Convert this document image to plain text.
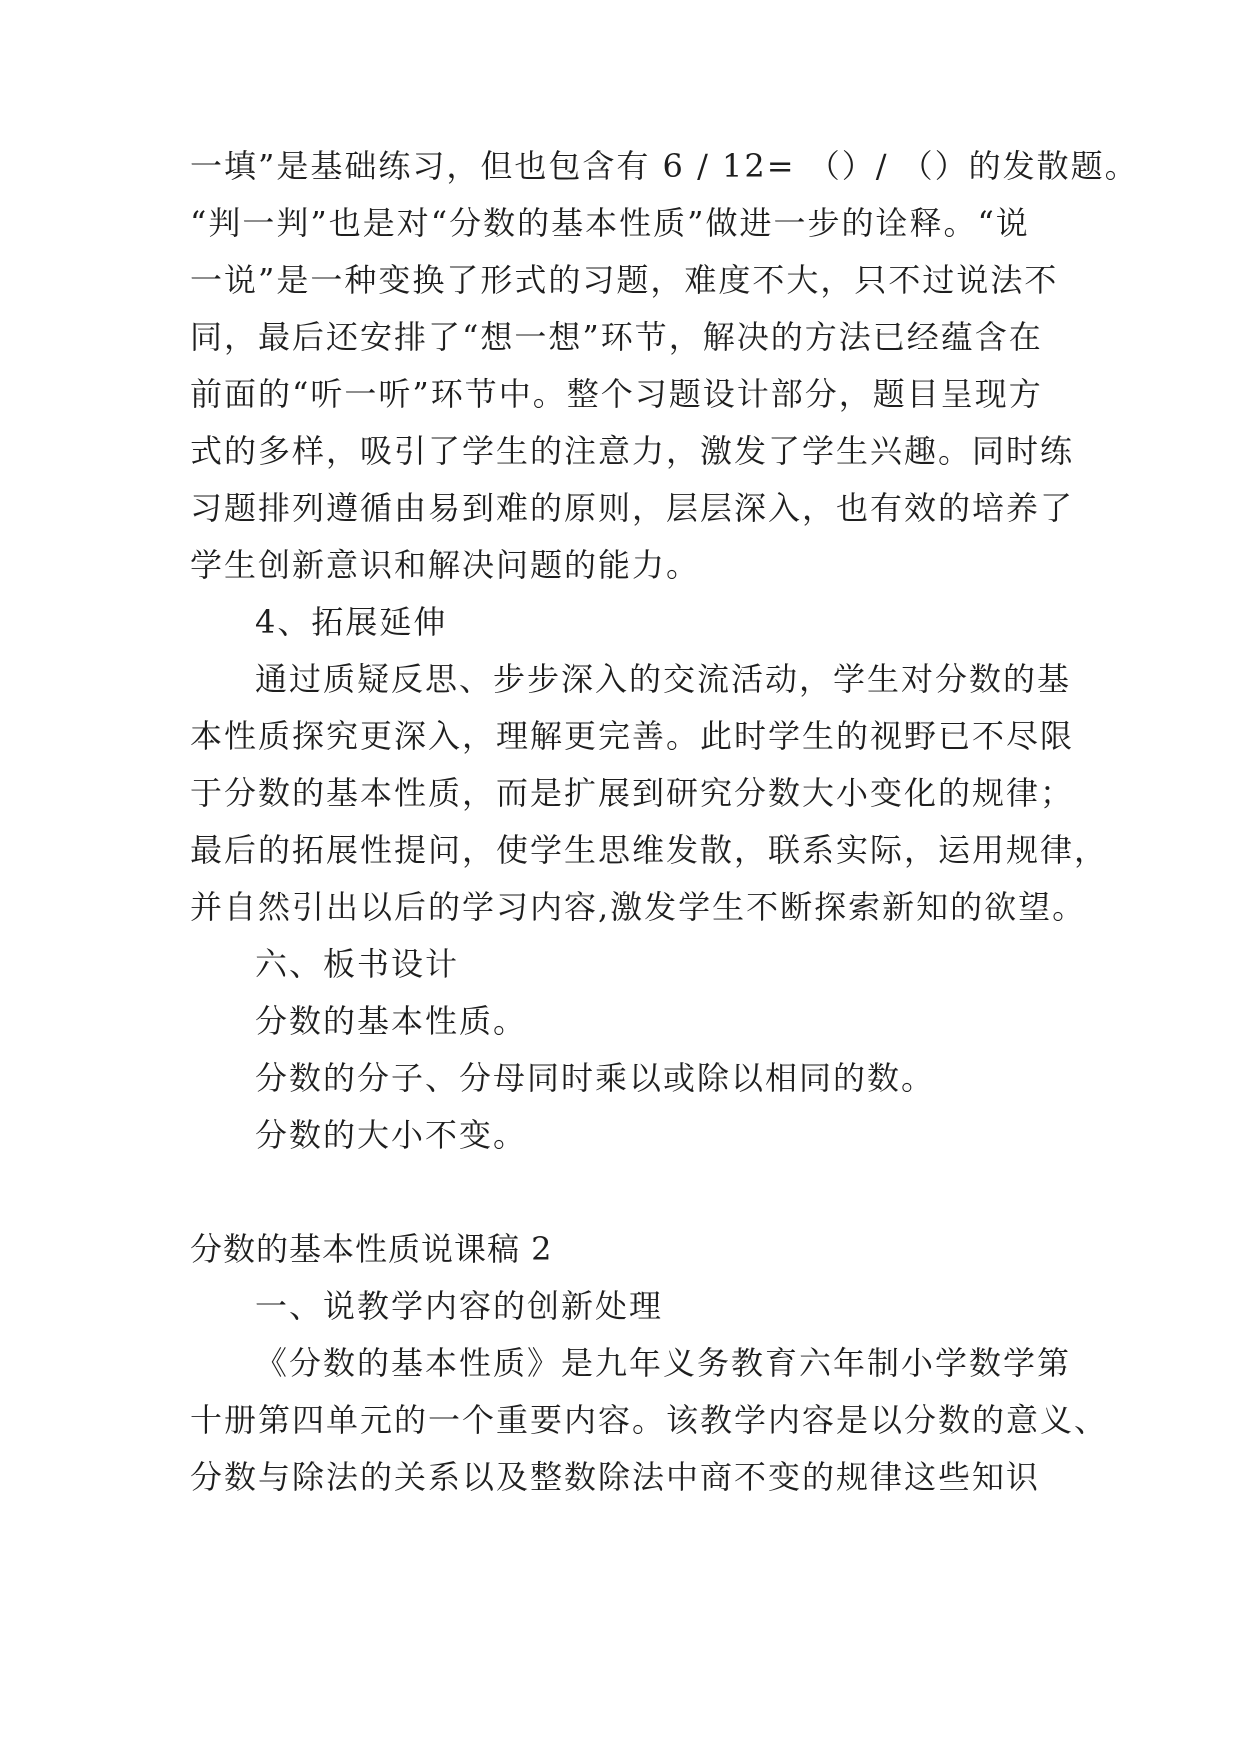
一填”是基础练习，但也包含有 6 / 12= （）/ （）的发散题。
“判一判”也是对“分数的基本性质”做进一步的诠释。“说
一说”是一种变换了形式的习题，难度不大，只不过说法不
同，最后还安排了“想一想”环节，解决的方法已经蕴含在
前面的“听一听”环节中。整个习题设计部分，题目呈现方
式的多样，吸引了学生的注意力，激发了学生兴趣。同时练
习题排列遵循由易到难的原则，层层深入，也有效的培养了
学生创新意识和解决问题的能力。
4、拓展延伸
通过质疑反思、步步深入的交流活动，学生对分数的基
本性质探究更深入，理解更完善。此时学生的视野已不尽限
于分数的基本性质，而是扩展到研究分数大小变化的规律；
最后的拓展性提问，使学生思维发散，联系实际，运用规律，
并自然引出以后的学习内容,激发学生不断探索新知的欲望。
六、板书设计
分数的基本性质。
分数的分子、分母同时乘以或除以相同的数。
分数的大小不变。
分数的基本性质说课稿 2
一、说教学内容的创新处理
《分数的基本性质》是九年义务教育六年制小学数学第
十册第四单元的一个重要内容。该教学内容是以分数的意义、
分数与除法的关系以及整数除法中商不变的规律这些知识
